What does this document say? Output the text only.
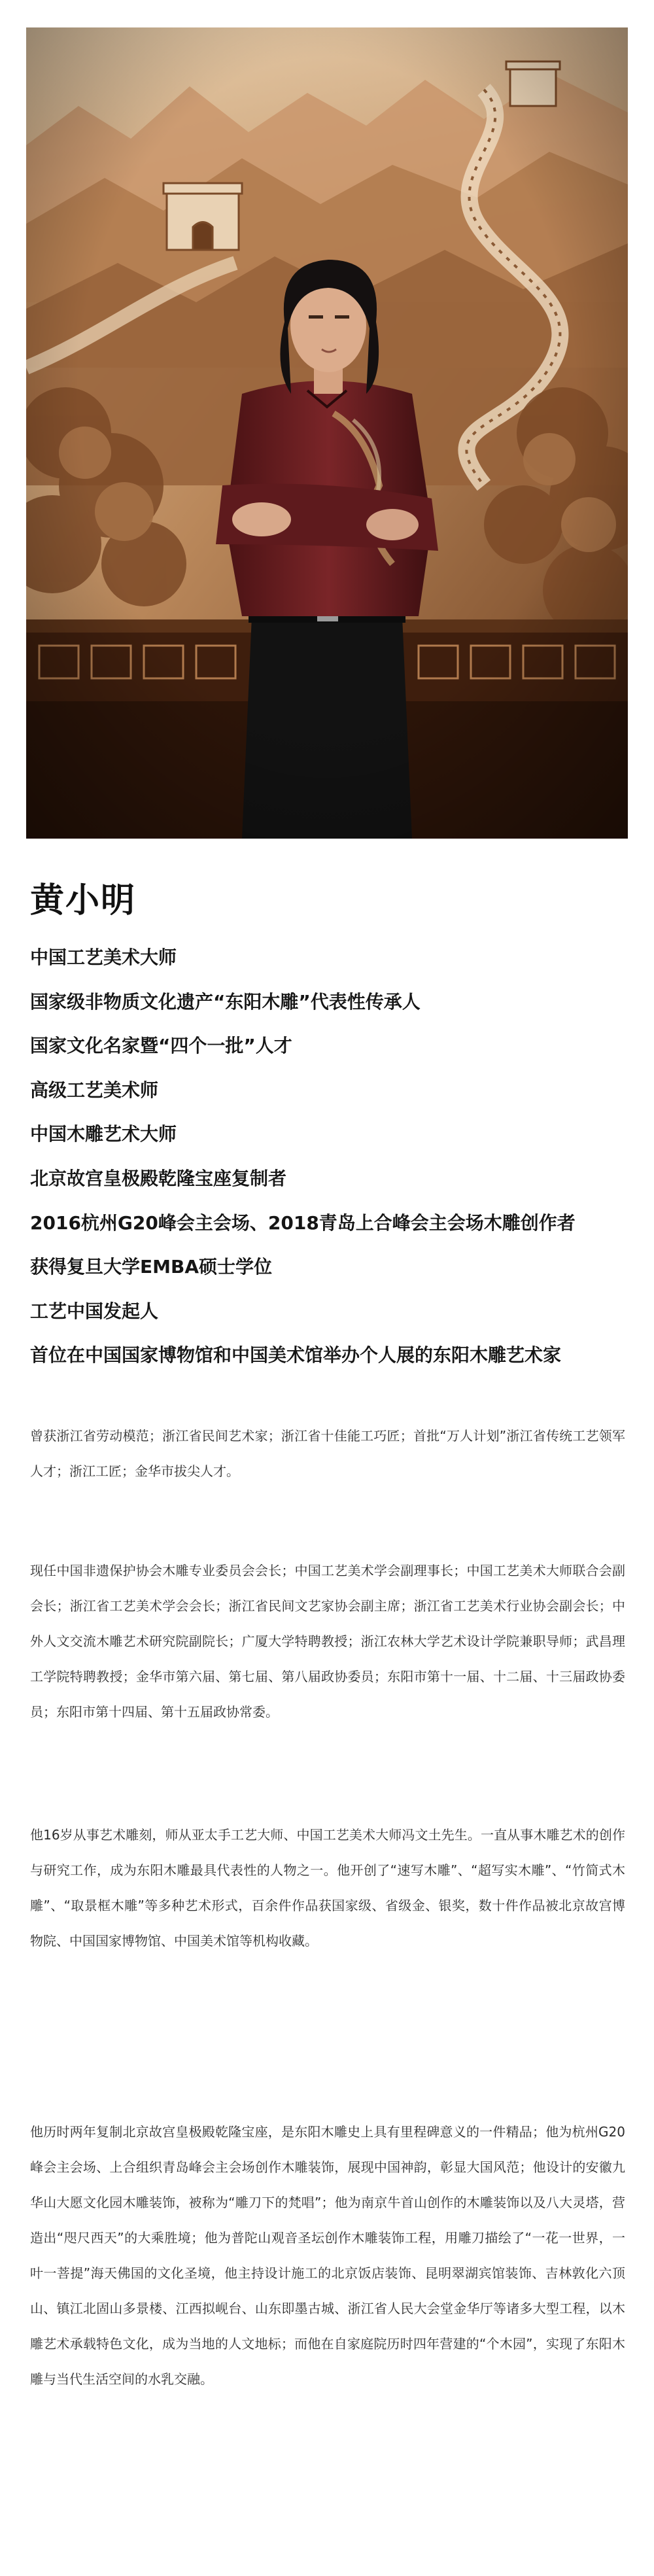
黄小明
中国工艺美术大师
国家级非物质文化遗产“东阳木雕”代表性传承人
国家文化名家暨“四个一批”人才
高级工艺美术师
中国木雕艺术大师
北京故宫皇极殿乾隆宝座复制者
2016杭州G20峰会主会场、2018青岛上合峰会主会场木雕创作者
获得复旦大学EMBA硕士学位
工艺中国发起人
首位在中国国家博物馆和中国美术馆举办个人展的东阳木雕艺术家

曾获浙江省劳动模范；浙江省民间艺术家；浙江省十佳能工巧匠；首批“万人计划”浙江省传统工艺领军人才；浙江工匠；金华市拔尖人才。

现任中国非遗保护协会木雕专业委员会会长；中国工艺美术学会副理事长；中国工艺美术大师联合会副会长；浙江省工艺美术学会会长；浙江省民间文艺家协会副主席；浙江省工艺美术行业协会副会长；中外人文交流木雕艺术研究院副院长；广厦大学特聘教授；浙江农林大学艺术设计学院兼职导师；武昌理工学院特聘教授；金华市第六届、第七届、第八届政协委员；东阳市第十一届、十二届、十三届政协委员；东阳市第十四届、第十五届政协常委。

他16岁从事艺术雕刻，师从亚太手工艺大师、中国工艺美术大师冯文土先生。一直从事木雕艺术的创作与研究工作，成为东阳木雕最具代表性的人物之一。他开创了“速写木雕”、“超写实木雕”、“竹简式木雕”、“取景框木雕”等多种艺术形式，百余件作品获国家级、省级金、银奖，数十件作品被北京故宫博物院、中国国家博物馆、中国美术馆等机构收藏。

他历时两年复制北京故宫皇极殿乾隆宝座，是东阳木雕史上具有里程碑意义的一件精品；他为杭州G20峰会主会场、上合组织青岛峰会主会场创作木雕装饰，展现中国神韵，彰显大国风范；他设计的安徽九华山大愿文化园木雕装饰，被称为“雕刀下的梵唱”；他为南京牛首山创作的木雕装饰以及八大灵塔，营造出“咫尺西天”的大乘胜境；他为普陀山观音圣坛创作木雕装饰工程，用雕刀描绘了“一花一世界，一叶一菩提”海天佛国的文化圣境，他主持设计施工的北京饭店装饰、昆明翠湖宾馆装饰、吉林敦化六顶山、镇江北固山多景楼、江西拟岘台、山东即墨古城、浙江省人民大会堂金华厅等诸多大型工程，以木雕艺术承载特色文化，成为当地的人文地标；而他在自家庭院历时四年营建的“个木园”，实现了东阳木雕与当代生活空间的水乳交融。
